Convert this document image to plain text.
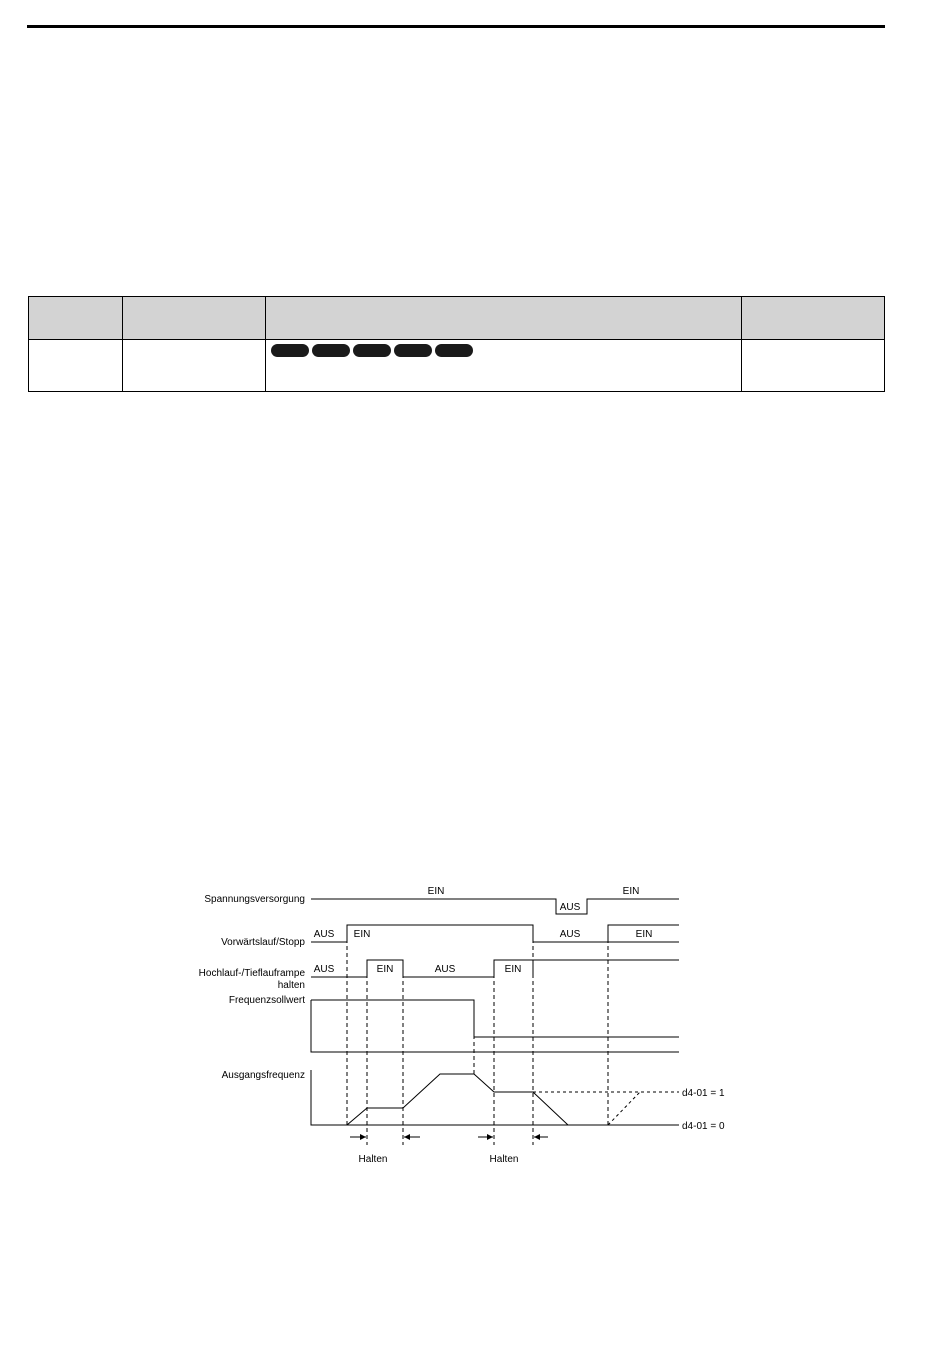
Spannungsversorgung
Vorwärtslauf/Stopp
Hochlauf-/Tieflauframpe
halten
Frequenzsollwert
Ausgangsfrequenz
EIN
AUS
EIN
AUS EIN	AUS	EIN
AUS	EIN	AUS	EIN
d4-01 = 1
d4-01 = 0
Halten	Halten
